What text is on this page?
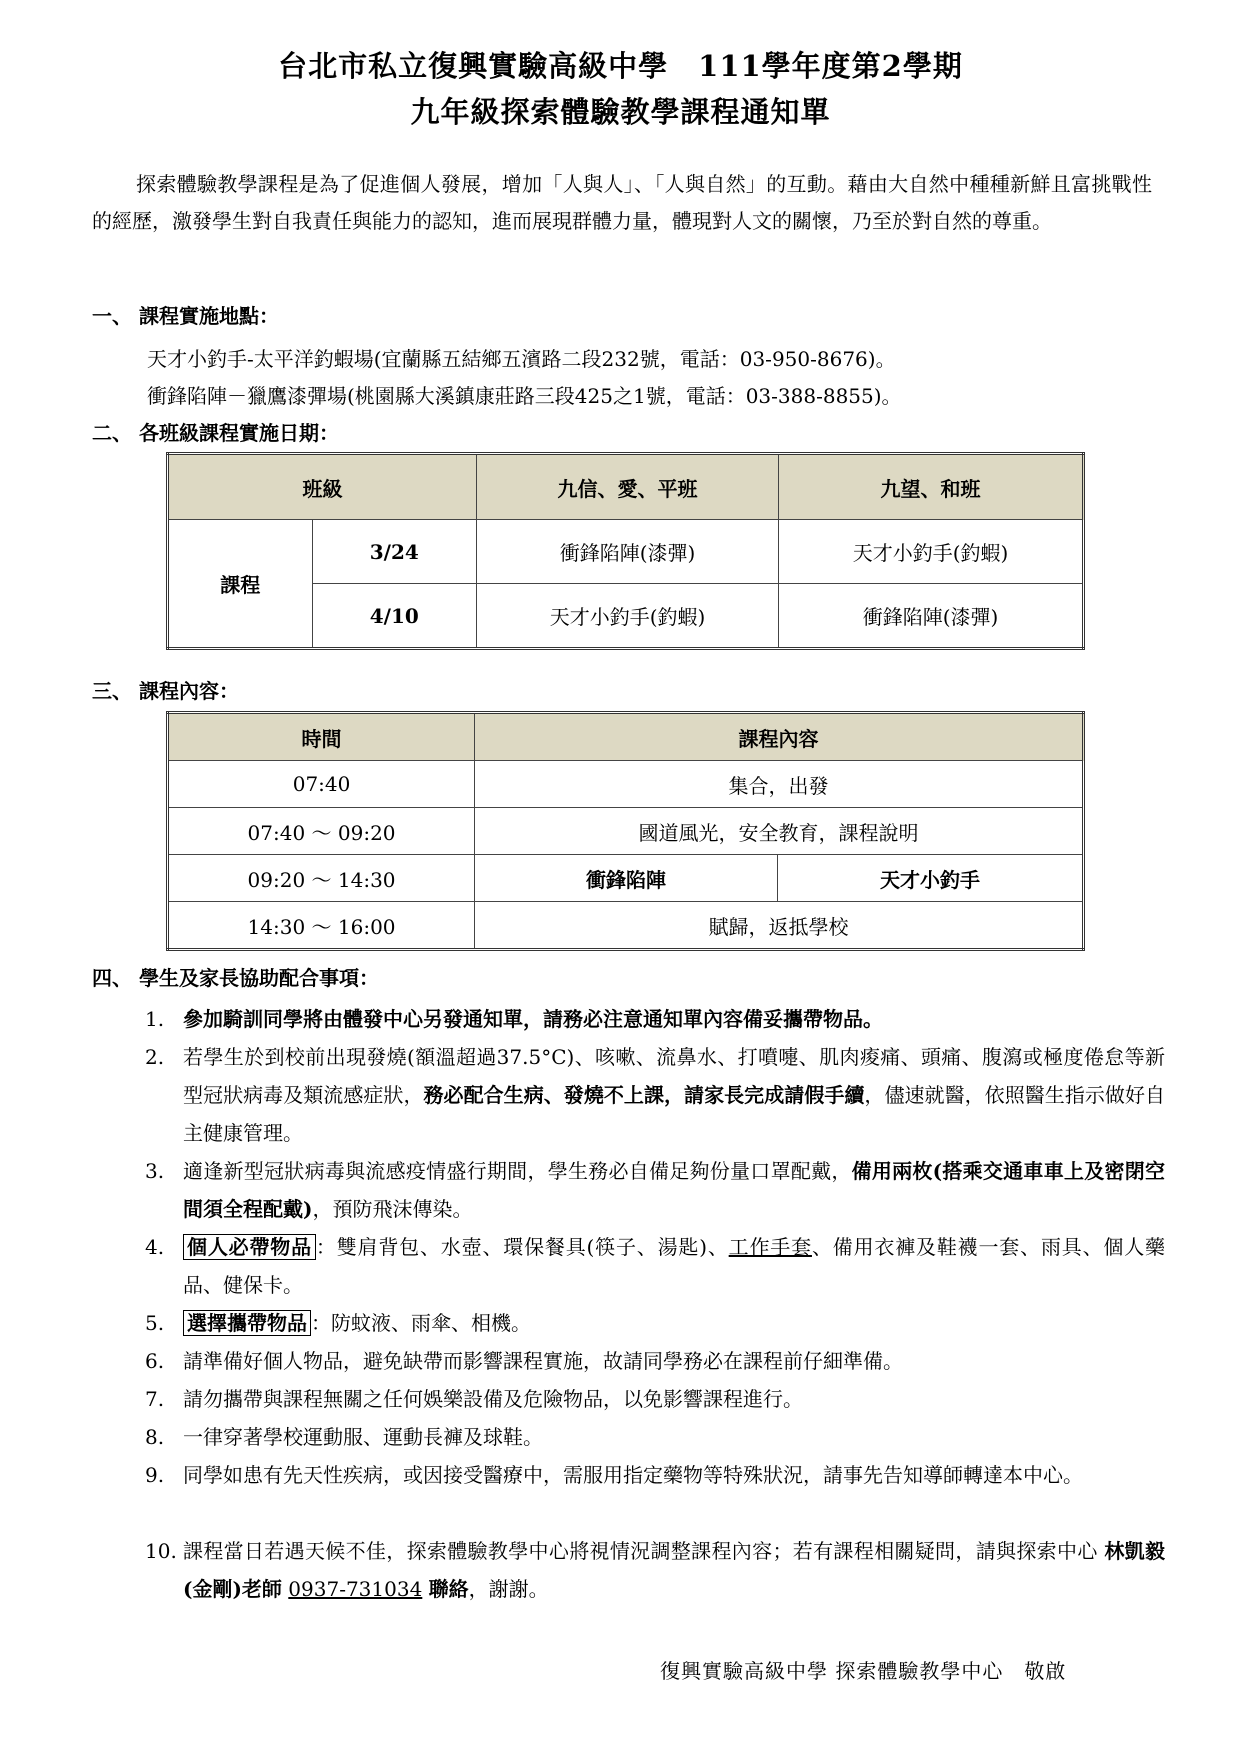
台北市私立復興實驗高級中學　111學年度第2學期
九年級探索體驗教學課程通知單

探索體驗教學課程是為了促進個人發展，增加「人與人」、「人與自然」的互動。藉由大自然中種種新鮮且富挑戰性的經歷，激發學生對自我責任與能力的認知，進而展現群體力量，體現對人文的關懷，乃至於對自然的尊重。

一、 課程實施地點：
天才小釣手-太平洋釣蝦場(宜蘭縣五結鄉五濱路二段232號，電話：03-950-8676)。
衝鋒陷陣－獵鷹漆彈場(桃園縣大溪鎮康莊路三段425之1號，電話：03-388-8855)。
二、 各班級課程實施日期：
班級		九信、愛、平班	九望、和班
課程	3/24	衝鋒陷陣(漆彈)	天才小釣手(釣蝦)
	4/10	天才小釣手(釣蝦)	衝鋒陷陣(漆彈)
三、 課程內容：
時間	課程內容	
07:40	集合，出發	
07:40 ～ 09:20	國道風光，安全教育，課程說明	
09:20 ～ 14:30	衝鋒陷陣	天才小釣手
14:30 ～ 16:00	賦歸，返抵學校	
四、 學生及家長協助配合事項：
1. 參加騎訓同學將由體發中心另發通知單，請務必注意通知單內容備妥攜帶物品。
2. 若學生於到校前出現發燒(額溫超過37.5°C)、咳嗽、流鼻水、打噴嚏、肌肉痠痛、頭痛、腹瀉或極度倦怠等新型冠狀病毒及類流感症狀，務必配合生病、發燒不上課，請家長完成請假手續，儘速就醫，依照醫生指示做好自主健康管理。
3. 適逢新型冠狀病毒與流感疫情盛行期間，學生務必自備足夠份量口罩配戴，備用兩枚(搭乘交通車車上及密閉空間須全程配戴)，預防飛沫傳染。
4. 個人必帶物品 ：雙肩背包、水壺、環保餐具(筷子、湯匙)、工作手套、備用衣褲及鞋襪一套、雨具、個人藥品、健保卡。
5. 選擇攜帶物品 ：防蚊液、雨傘、相機。
6. 請準備好個人物品，避免缺帶而影響課程實施，故請同學務必在課程前仔細準備。
7. 請勿攜帶與課程無關之任何娛樂設備及危險物品，以免影響課程進行。
8. 一律穿著學校運動服、運動長褲及球鞋。
9. 同學如患有先天性疾病，或因接受醫療中，需服用指定藥物等特殊狀況，請事先告知導師轉達本中心。
10. 課程當日若遇天候不佳，探索體驗教學中心將視情況調整課程內容；若有課程相關疑問，請與探索中心 林凱毅(金剛)老師 0937-731034 聯絡，謝謝。
復興實驗高級中學 探索體驗教學中心　敬啟
